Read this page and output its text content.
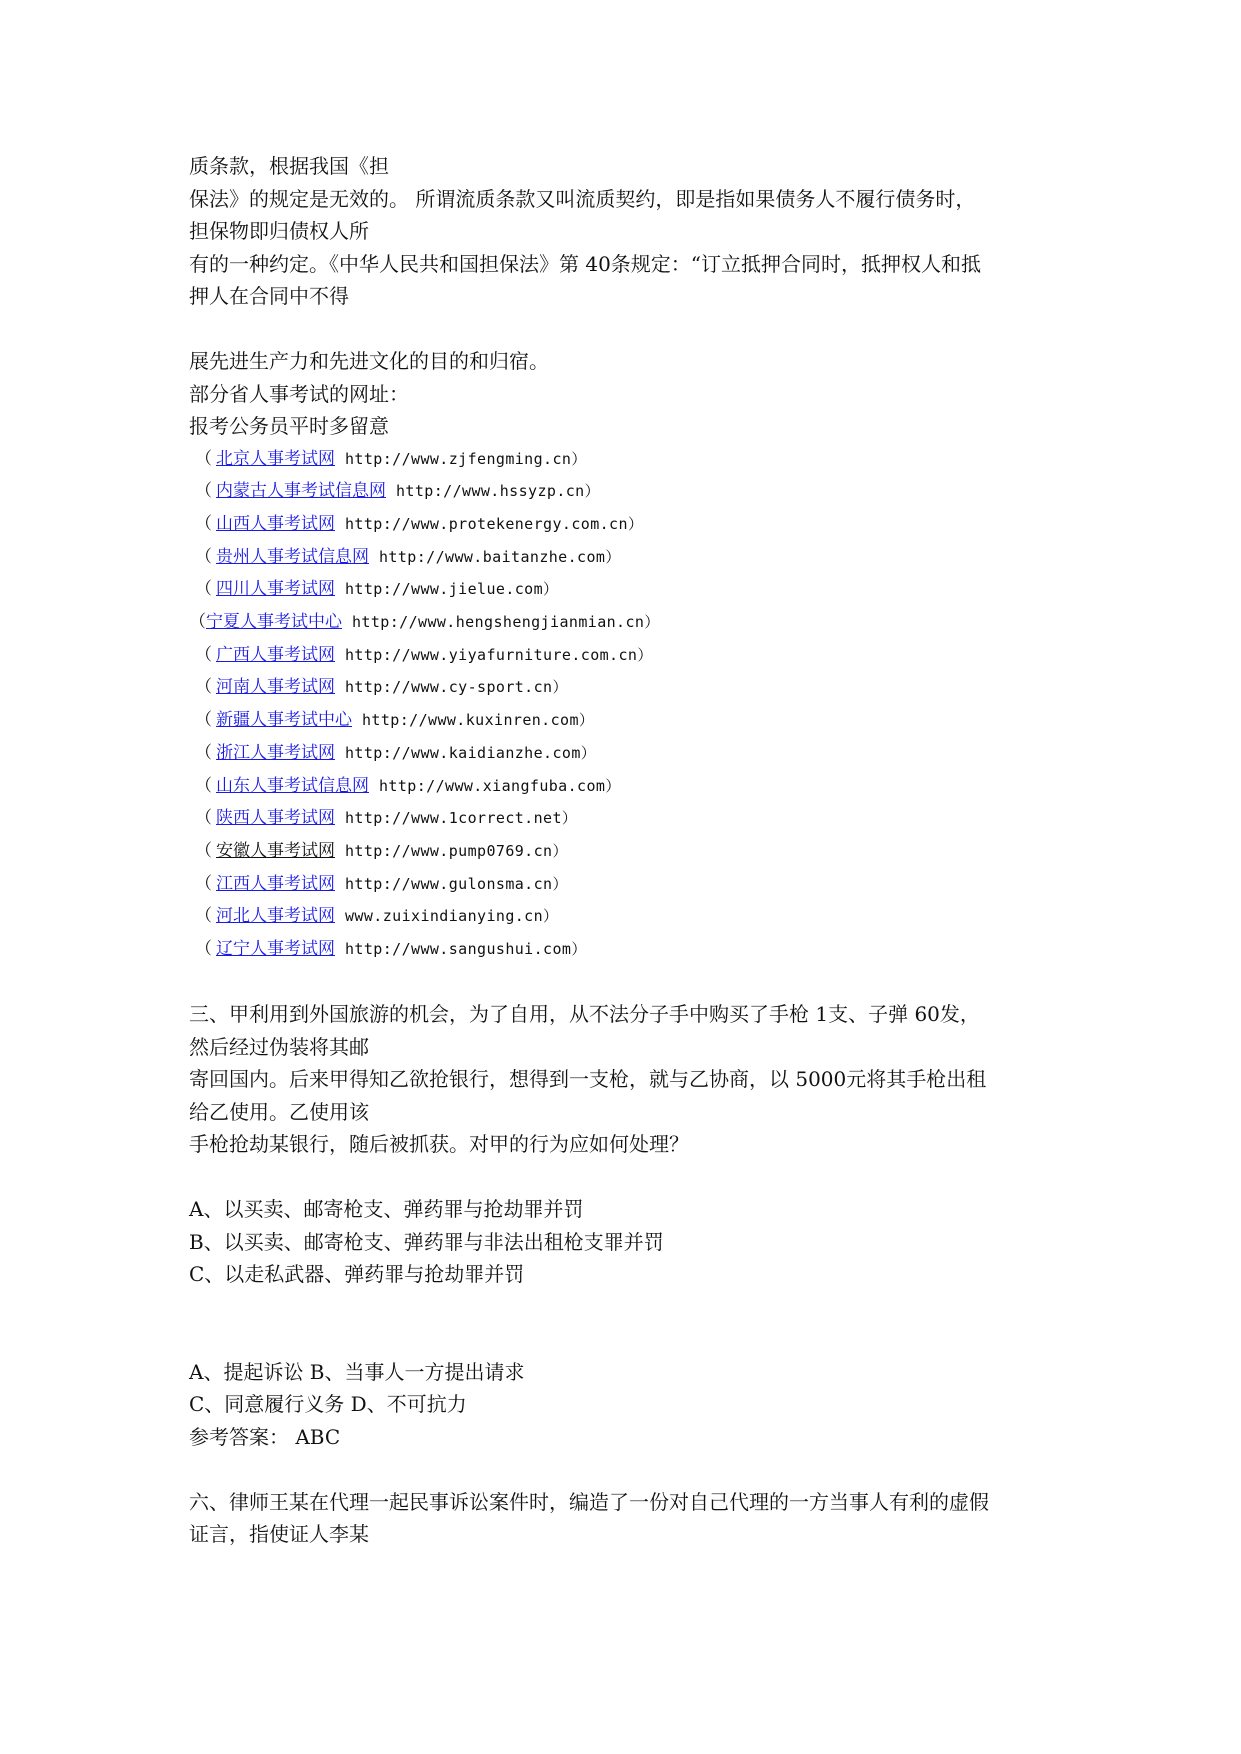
质条款，根据我国《担

保法》的规定是无效的。 所谓流质条款又叫流质契约，即是指如果债务人不履行债务时，

担保物即归债权人所

有的一种约定。《中华人民共和国担保法》第 40条规定：“订立抵押合同时，抵押权人和抵

押人在合同中不得

展先进生产力和先进文化的目的和归宿。

部分省人事考试的网址：

报考公务员平时多留意

（ 北京人事考试网 http://www.zjfengming.cn ）
（ 内蒙古人事考试信息网 http://www.hssyzp.cn ）
（ 山西人事考试网 http://www.protekenergy.com.cn ）
（ 贵州人事考试信息网 http://www.baitanzhe.com ）
（ 四川人事考试网 http://www.jielue.com ）
（ 宁夏人事考试中心 http://www.hengshengjianmian.cn ）
（ 广西人事考试网 http://www.yiyafurniture.com.cn ）
（ 河南人事考试网 http://www.cy-sport.cn ）
（ 新疆人事考试中心 http://www.kuxinren.com ）
（ 浙江人事考试网 http://www.kaidianzhe.com ）
（ 山东人事考试信息网 http://www.xiangfuba.com ）
（ 陕西人事考试网 http://www.1correct.net ）
（ 安徽人事考试网 http://www.pump0769.cn ）
（ 江西人事考试网 http://www.gulonsma.cn ）
（ 河北人事考试网 www.zuixindianying.cn ）
（ 辽宁人事考试网 http://www.sangushui.com ）

三、甲利用到外国旅游的机会，为了自用，从不法分子手中购买了手枪 1支、子弹 60发，

然后经过伪装将其邮

寄回国内。后来甲得知乙欲抢银行，想得到一支枪，就与乙协商，以 5000元将其手枪出租

给乙使用。乙使用该

手枪抢劫某银行，随后被抓获。对甲的行为应如何处理？

A、以买卖、邮寄枪支、弹药罪与抢劫罪并罚

B、以买卖、邮寄枪支、弹药罪与非法出租枪支罪并罚

C、以走私武器、弹药罪与抢劫罪并罚

A、提起诉讼 B、当事人一方提出请求

C、同意履行义务 D、不可抗力

参考答案： ABC

六、律师王某在代理一起民事诉讼案件时，编造了一份对自己代理的一方当事人有利的虚假

证言，指使证人李某
